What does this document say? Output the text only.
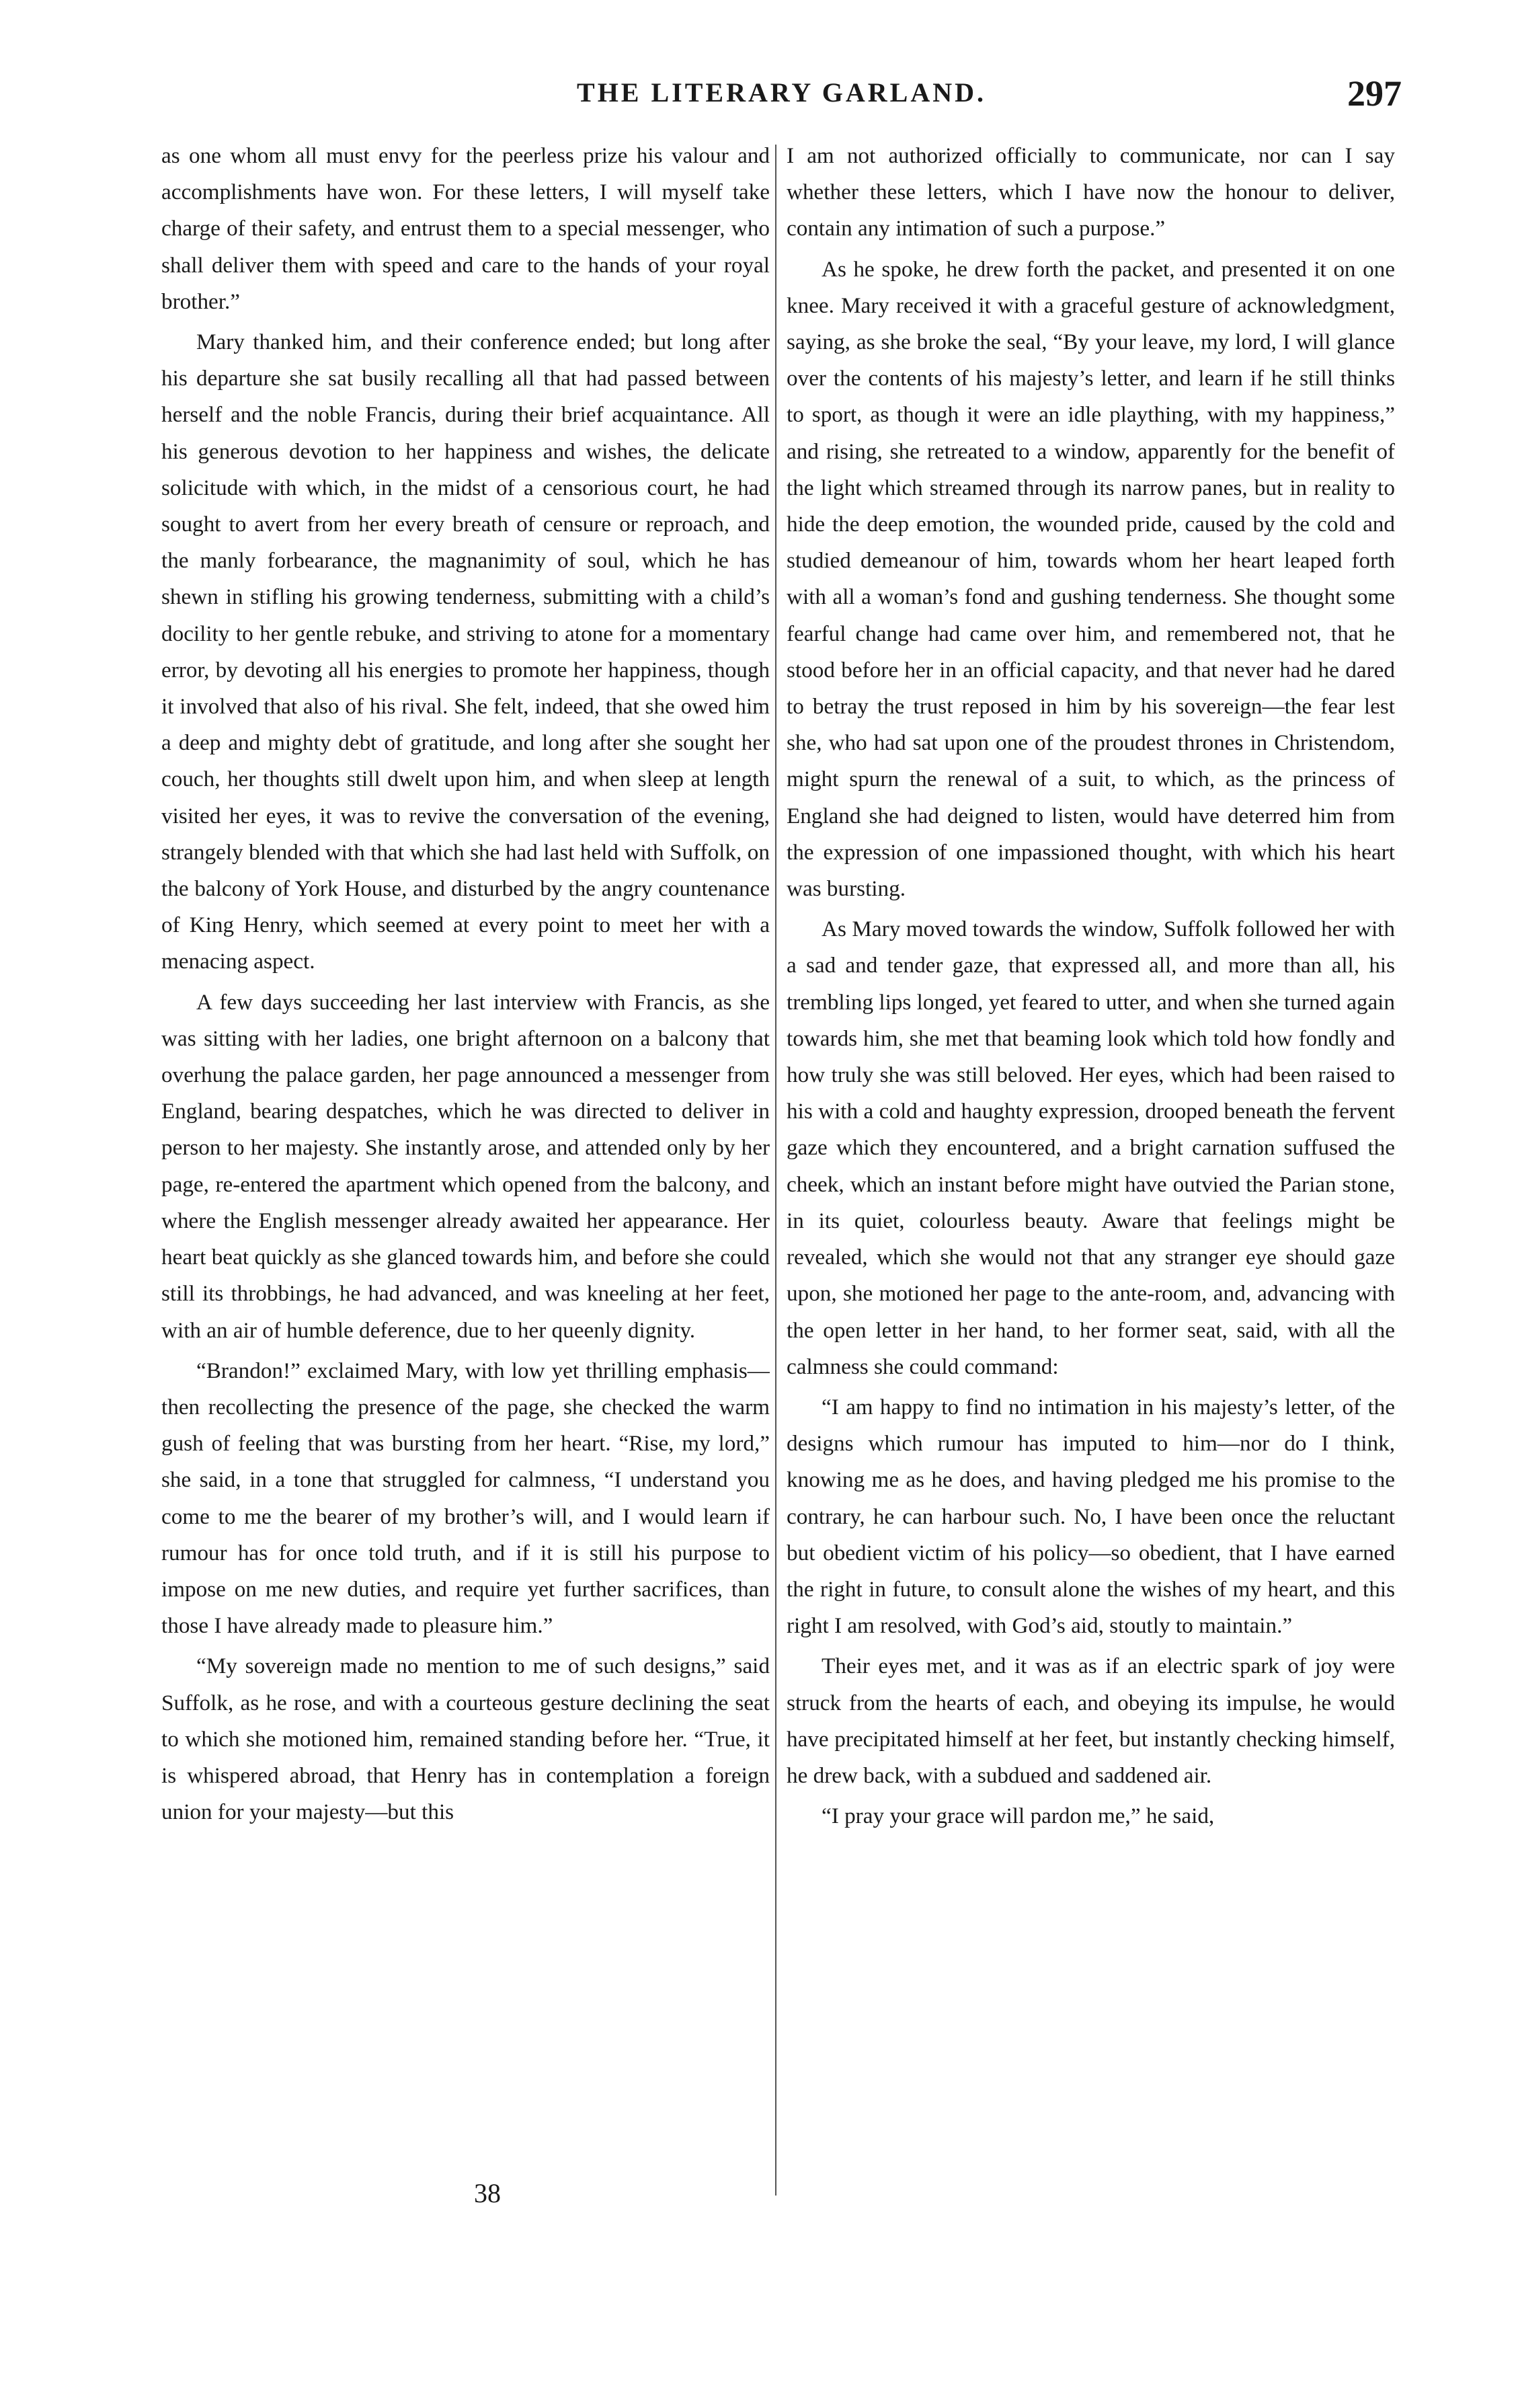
THE LITERARY GARLAND.	297

as one whom all must envy for the peerless prize his valour and accomplishments have won. For these letters, I will myself take charge of their safety, and entrust them to a special messenger, who shall deliver them with speed and care to the hands of your royal brother.”

Mary thanked him, and their conference ended; but long after his departure she sat busily recalling all that had passed between herself and the noble Francis, during their brief acquaintance. All his generous devotion to her happiness and wishes, the delicate solicitude with which, in the midst of a censorious court, he had sought to avert from her every breath of censure or reproach, and the manly forbearance, the magnanimity of soul, which he has shewn in stifling his growing tenderness, submitting with a child’s docility to her gentle rebuke, and striving to atone for a momentary error, by devoting all his energies to promote her happiness, though it involved that also of his rival. She felt, indeed, that she owed him a deep and mighty debt of gratitude, and long after she sought her couch, her thoughts still dwelt upon him, and when sleep at length visited her eyes, it was to revive the conversation of the evening, strangely blended with that which she had last held with Suffolk, on the balcony of York House, and disturbed by the angry countenance of King Henry, which seemed at every point to meet her with a menacing aspect.

A few days succeeding her last interview with Francis, as she was sitting with her ladies, one bright afternoon on a balcony that overhung the palace garden, her page announced a messenger from England, bearing despatches, which he was directed to deliver in person to her majesty. She instantly arose, and attended only by her page, re-entered the apartment which opened from the balcony, and where the English messenger already awaited her appearance. Her heart beat quickly as she glanced towards him, and before she could still its throbbings, he had advanced, and was kneeling at her feet, with an air of humble deference, due to her queenly dignity.

“Brandon!” exclaimed Mary, with low yet thrilling emphasis—then recollecting the presence of the page, she checked the warm gush of feeling that was bursting from her heart. “Rise, my lord,” she said, in a tone that struggled for calmness, “I understand you come to me the bearer of my brother’s will, and I would learn if rumour has for once told truth, and if it is still his purpose to impose on me new duties, and require yet further sacrifices, than those I have already made to pleasure him.”

“My sovereign made no mention to me of such designs,” said Suffolk, as he rose, and with a courteous gesture declining the seat to which she motioned him, remained standing before her. “True, it is whispered abroad, that Henry has in contemplation a foreign union for your majesty—but this

I am not authorized officially to communicate, nor can I say whether these letters, which I have now the honour to deliver, contain any intimation of such a purpose.”

As he spoke, he drew forth the packet, and presented it on one knee. Mary received it with a graceful gesture of acknowledgment, saying, as she broke the seal, “By your leave, my lord, I will glance over the contents of his majesty’s letter, and learn if he still thinks to sport, as though it were an idle plaything, with my happiness,” and rising, she retreated to a window, apparently for the benefit of the light which streamed through its narrow panes, but in reality to hide the deep emotion, the wounded pride, caused by the cold and studied demeanour of him, towards whom her heart leaped forth with all a woman’s fond and gushing tenderness. She thought some fearful change had came over him, and remembered not, that he stood before her in an official capacity, and that never had he dared to betray the trust reposed in him by his sovereign—the fear lest she, who had sat upon one of the proudest thrones in Christendom, might spurn the renewal of a suit, to which, as the princess of England she had deigned to listen, would have deterred him from the expression of one impassioned thought, with which his heart was bursting.

As Mary moved towards the window, Suffolk followed her with a sad and tender gaze, that expressed all, and more than all, his trembling lips longed, yet feared to utter, and when she turned again towards him, she met that beaming look which told how fondly and how truly she was still beloved. Her eyes, which had been raised to his with a cold and haughty expression, drooped beneath the fervent gaze which they encountered, and a bright carnation suffused the cheek, which an instant before might have outvied the Parian stone, in its quiet, colourless beauty. Aware that feelings might be revealed, which she would not that any stranger eye should gaze upon, she motioned her page to the ante-room, and, advancing with the open letter in her hand, to her former seat, said, with all the calmness she could command:

“I am happy to find no intimation in his majesty’s letter, of the designs which rumour has imputed to him—nor do I think, knowing me as he does, and having pledged me his promise to the contrary, he can harbour such. No, I have been once the reluctant but obedient victim of his policy—so obedient, that I have earned the right in future, to consult alone the wishes of my heart, and this right I am resolved, with God’s aid, stoutly to maintain.”

Their eyes met, and it was as if an electric spark of joy were struck from the hearts of each, and obeying its impulse, he would have precipitated himself at her feet, but instantly checking himself, he drew back, with a subdued and saddened air.

“I pray your grace will pardon me,” he said,

38
